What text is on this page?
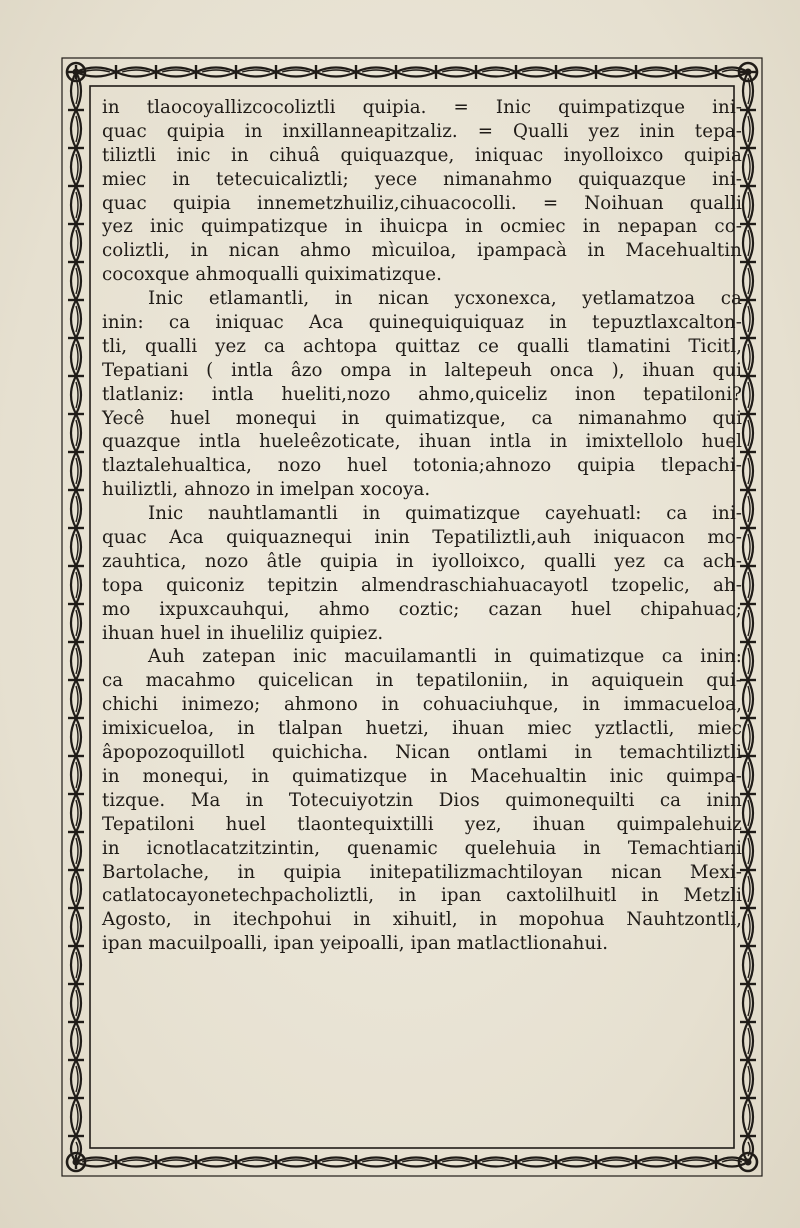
in tlaocoyallizcocoliztli quipia. = Inic quimpatizque ini-
quac quipia in inxillanneapitzaliz. = Qualli yez inin tepa-
tiliztli inic in cihuâ quiquazque, iniquac inyolloixco quipia
miec in tetecuicaliztli; yece nimanahmo quiquazque ini-
quac quipia innemetzhuiliz,cihuacocolli. = Noihuan qualli
yez inic quimpatizque in ihuicpa in ocmiec in nepapan co-
coliztli, in nican ahmo mìcuiloa, ipampacà in Macehualtin
cocoxque ahmoqualli quiximatizque.
Inic etlamantli, in nican ycxonexca, yetlamatzoa ca
inin: ca iniquac Aca quinequiquiquaz in tepuztlaxcalton-
tli, qualli yez ca achtopa quittaz ce qualli tlamatini Ticitl,
Tepatiani ( intla âzo ompa in laltepeuh onca ), ihuan qui
tlatlaniz: intla hueliti,nozo ahmo,quiceliz inon tepatiloni?
Yecê huel monequi in quimatizque, ca nimanahmo qui
quazque intla hueleêzoticate, ihuan intla in imixtellolo huel
tlaztalehualtica, nozo huel totonia;ahnozo quipia tlepachi-
huiliztli, ahnozo in imelpan xocoya.
Inic nauhtlamantli in quimatizque cayehuatl: ca ini-
quac Aca quiquaznequi inin Tepatiliztli,auh iniquacon mo-
zauhtica, nozo âtle quipia in iyolloixco, qualli yez ca ach-
topa quiconiz tepitzin almendraschiahuacayotl tzopelic, ah-
mo ixpuxcauhqui, ahmo coztic; cazan huel chipahuac;
ihuan huel in ihueliliz quipiez.
Auh zatepan inic macuilamantli in quimatizque ca inin:
ca macahmo quicelican in tepatiloniin, in aquiquein qui-
chichi inimezo; ahmono in cohuaciuhque, in immacueloa,
imixicueloa, in tlalpan huetzi, ihuan miec yztlactli, miec
âpopozoquillotl quichicha. Nican ontlami in temachtiliztli
in monequi, in quimatizque in Macehualtin inic quimpa-
tizque. Ma in Totecuiyotzin Dios quimonequilti ca inin
Tepatiloni huel tlaontequixtilli yez, ihuan quimpalehuiz
in icnotlacatzitzintin, quenamic quelehuia in Temachtiani
Bartolache, in quipia initepatilizmachtiloyan nican Mexi-
catlatocayonetechpacholiztli, in ipan caxtolilhuitl in Metzli
Agosto, in itechpohui in xihuitl, in mopohua Nauhtzontli,
ipan macuilpoalli, ipan yeipoalli, ipan matlactlionahui.
